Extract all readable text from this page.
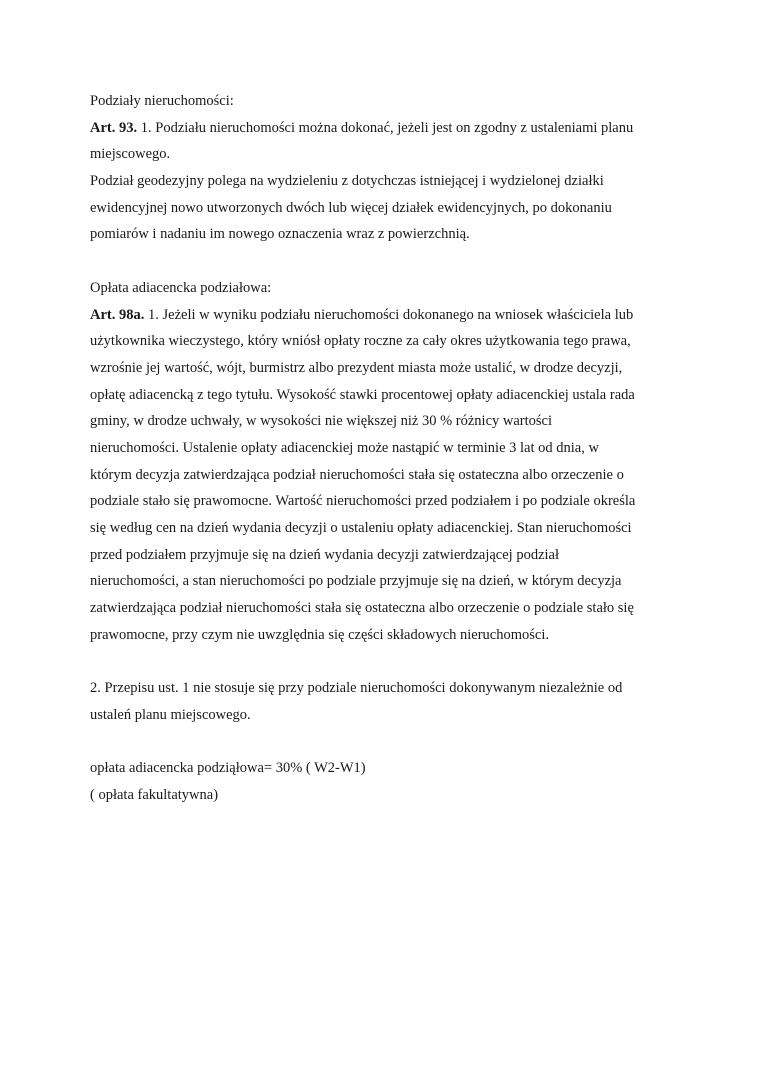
Podziały nieruchomości:
Art. 93. 1. Podziału nieruchomości można dokonać, jeżeli jest on zgodny z ustaleniami planu
miejscowego.
Podział geodezyjny polega na wydzieleniu z dotychczas istniejącej i wydzielonej działki
ewidencyjnej nowo utworzonych dwóch lub więcej działek ewidencyjnych, po dokonaniu
pomiarów i nadaniu im nowego oznaczenia wraz z powierzchnią.
Opłata adiacencka podziałowa:
Art. 98a. 1. Jeżeli w wyniku podziału nieruchomości dokonanego na wniosek właściciela lub
użytkownika wieczystego, który wniósł opłaty roczne za cały okres użytkowania tego prawa,
wzrośnie jej wartość, wójt, burmistrz albo prezydent miasta może ustalić, w drodze decyzji,
opłatę adiacencką z tego tytułu. Wysokość stawki procentowej opłaty adiacenckiej ustala rada
gminy, w drodze uchwały, w wysokości nie większej niż 30 % różnicy wartości
nieruchomości. Ustalenie opłaty adiacenckiej może nastąpić w terminie 3 lat od dnia, w
którym decyzja zatwierdzająca podział nieruchomości stała się ostateczna albo orzeczenie o
podziale stało się prawomocne. Wartość nieruchomości przed podziałem i po podziale określa
się według cen na dzień wydania decyzji o ustaleniu opłaty adiacenckiej. Stan nieruchomości
przed podziałem przyjmuje się na dzień wydania decyzji zatwierdzającej podział
nieruchomości, a stan nieruchomości po podziale przyjmuje się na dzień, w którym decyzja
zatwierdzająca podział nieruchomości stała się ostateczna albo orzeczenie o podziale stało się
prawomocne, przy czym nie uwzględnia się części składowych nieruchomości.
2. Przepisu ust. 1 nie stosuje się przy podziale nieruchomości dokonywanym niezależnie od
ustaleń planu miejscowego.
opłata adiacencka podziąłowa= 30% ( W2-W1)
( opłata fakultatywna)
